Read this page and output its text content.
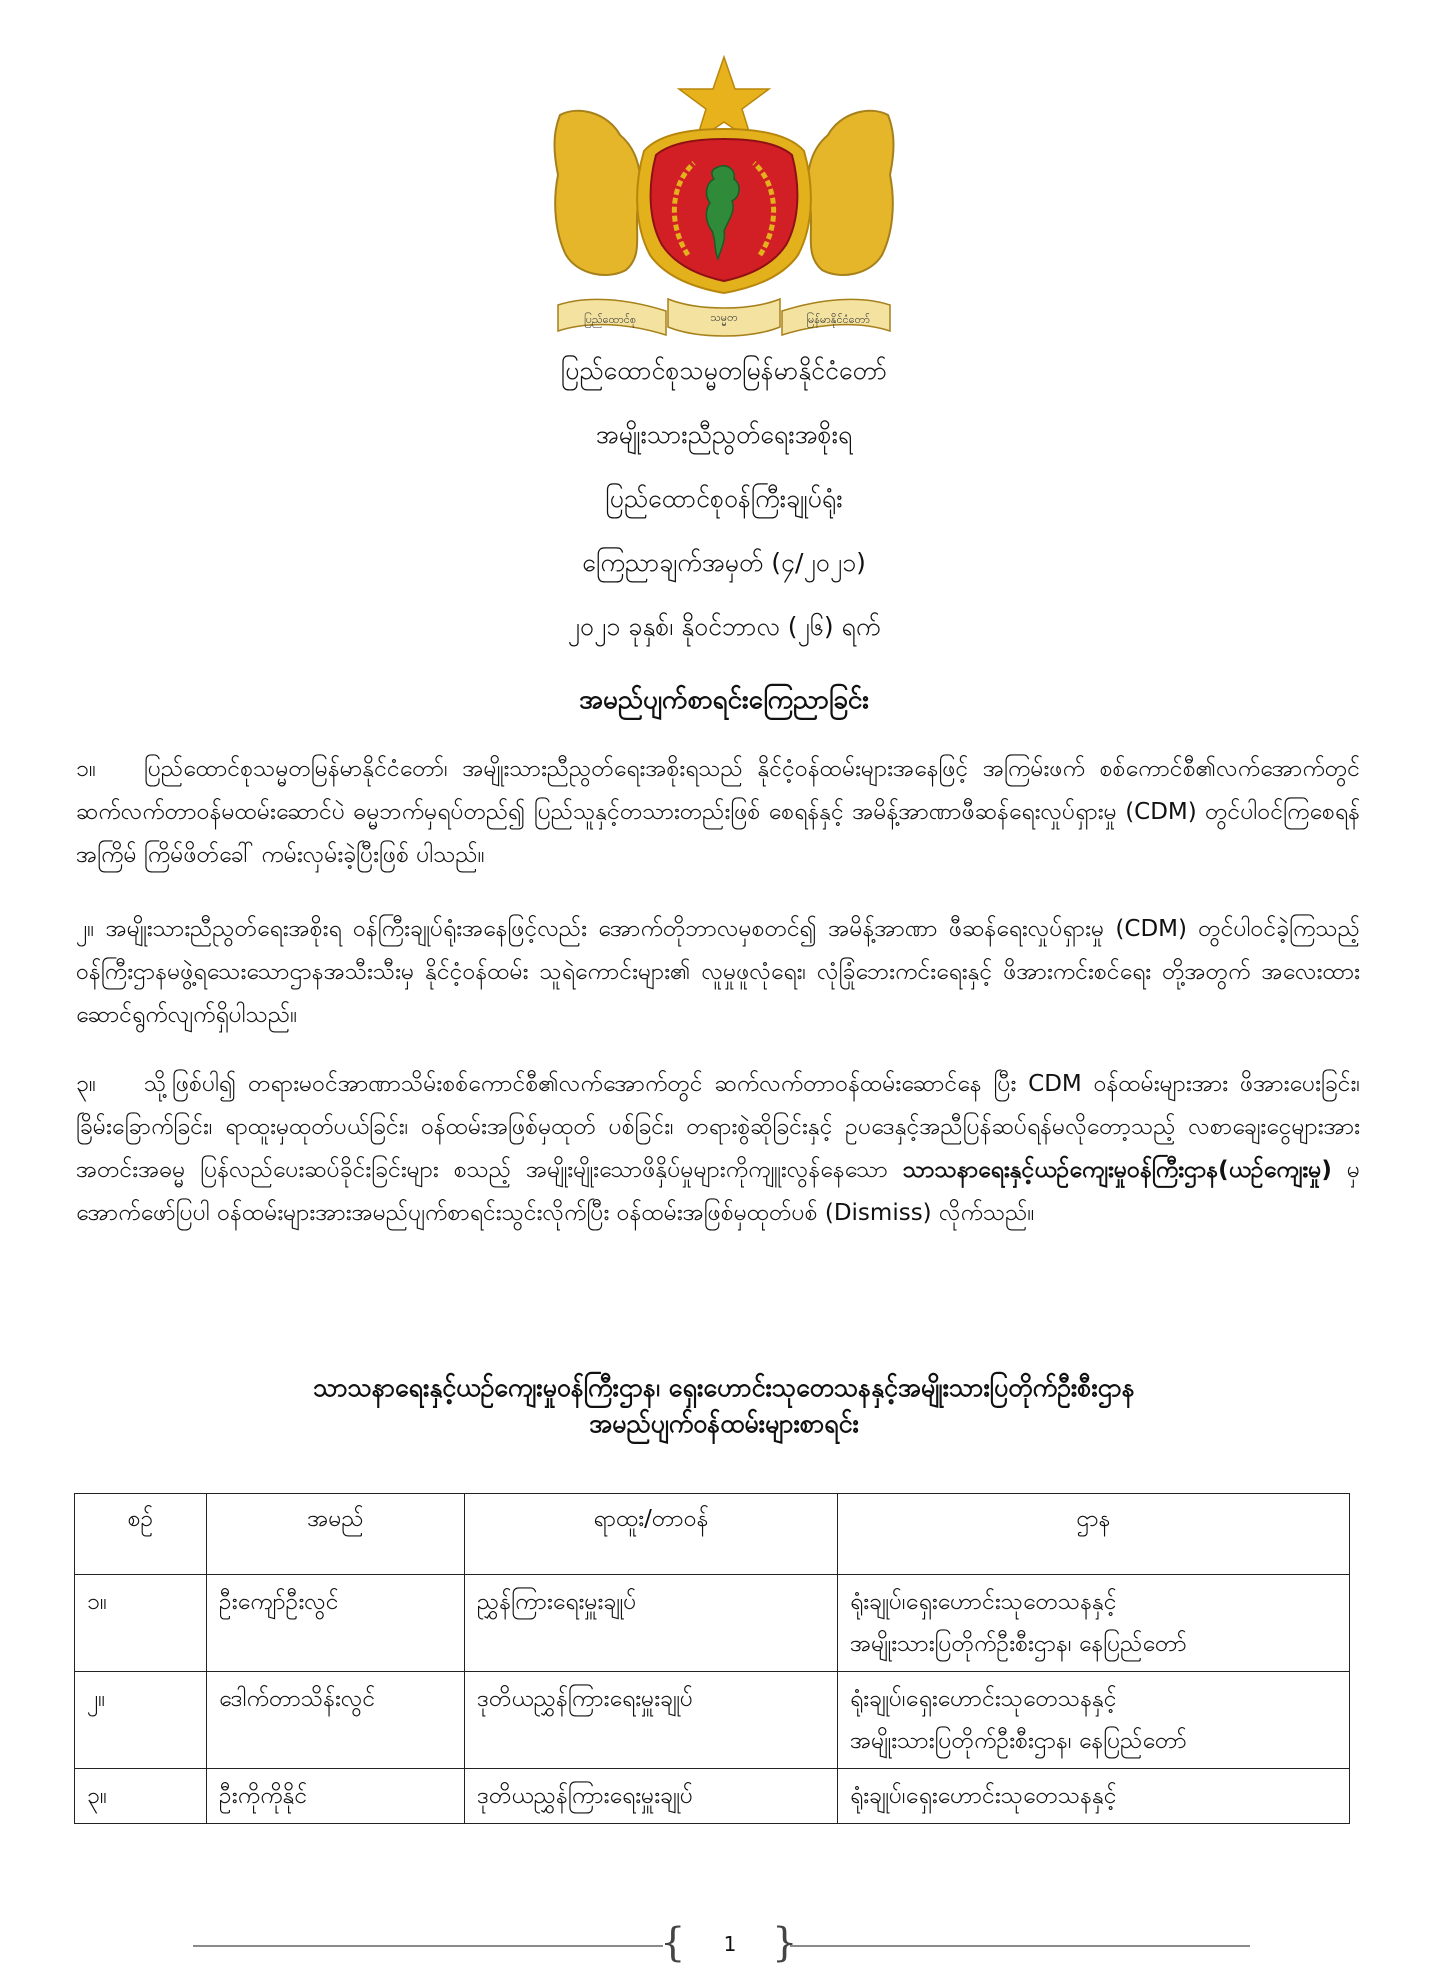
ပြည်ထောင်စု	သမ္မတ	မြန်မာနိုင်ငံတော်
ပြည်ထောင်စုသမ္မတမြန်မာနိုင်ငံတော်
အမျိုးသားညီညွတ်ရေးအစိုးရ
ပြည်ထောင်စုဝန်ကြီးချုပ်ရုံး
ကြေညာချက်အမှတ် (၄/၂၀၂၁)
၂၀၂၁ ခုနှစ်၊ နိုဝင်ဘာလ (၂၆) ရက်
အမည်ပျက်စာရင်းကြေညာခြင်း
၁။ ပြည်ထောင်စုသမ္မတမြန်မာနိုင်ငံတော်၊ အမျိုးသားညီညွတ်ရေးအစိုးရသည် နိုင်ငံ့ဝန်ထမ်းများအနေဖြင့် အကြမ်းဖက် စစ်ကောင်စီ၏လက်အောက်တွင် ဆက်လက်တာဝန်မထမ်းဆောင်ပဲ ဓမ္မဘက်မှရပ်တည်၍ ပြည်သူနှင့်တသားတည်းဖြစ် စေရန်နှင့် အမိန့်အာဏာဖီဆန်ရေးလှုပ်ရှားမှု (CDM) တွင်ပါဝင်ကြစေရန် အကြိမ် ကြိမ်ဖိတ်ခေါ် ကမ်းလှမ်းခဲ့ပြီးဖြစ် ပါသည်။
၂။ အမျိုးသားညီညွတ်ရေးအစိုးရ ဝန်ကြီးချုပ်ရုံးအနေဖြင့်လည်း အောက်တိုဘာလမှစတင်၍ အမိန့်အာဏာ ဖီဆန်ရေးလှုပ်ရှားမှု (CDM) တွင်ပါဝင်ခဲ့ကြသည့် ဝန်ကြီးဌာနမဖွဲ့ရသေးသောဌာနအသီးသီးမှ နိုင်ငံ့ဝန်ထမ်း သူရဲကောင်းများ၏ လူမှုဖူလုံရေး၊ လုံခြုံဘေးကင်းရေးနှင့် ဖိအားကင်းစင်ရေး တို့အတွက် အလေးထား ဆောင်ရွက်လျက်ရှိပါသည်။
၃။ သို့ဖြစ်ပါ၍ တရားမဝင်အာဏာသိမ်းစစ်ကောင်စီ၏လက်အောက်တွင် ဆက်လက်တာဝန်ထမ်းဆောင်နေ ပြီး CDM ဝန်ထမ်းများအား ဖိအားပေးခြင်း၊ ခြိမ်းခြောက်ခြင်း၊ ရာထူးမှထုတ်ပယ်ခြင်း၊ ဝန်ထမ်းအဖြစ်မှထုတ် ပစ်ခြင်း၊ တရားစွဲဆိုခြင်းနှင့် ဥပဒေနှင့်အညီပြန်ဆပ်ရန်မလိုတော့သည့် လစာချေးငွေများအား အတင်းအဓမ္မ ပြန်လည်ပေးဆပ်ခိုင်းခြင်းများ စသည့် အမျိုးမျိုးသောဖိနှိပ်မှုများကိုကျူးလွန်နေသော သာသနာရေးနှင့်ယဉ်ကျေးမှုဝန်ကြီးဌာန(ယဉ်ကျေးမှု) မှအောက်ဖော်ပြပါ ဝန်ထမ်းများအားအမည်ပျက်စာရင်းသွင်းလိုက်ပြီး ဝန်ထမ်းအဖြစ်မှထုတ်ပစ် (Dismiss) လိုက်သည်။
သာသနာရေးနှင့်ယဉ်ကျေးမှုဝန်ကြီးဌာန၊ ရှေးဟောင်းသုတေသနနှင့်အမျိုးသားပြတိုက်ဦးစီးဌာန
အမည်ပျက်ဝန်ထမ်းများစာရင်း
စဉ်	အမည်	ရာထူး/တာဝန်	ဌာန
၁။	ဦးကျော်ဦးလွင်	ညွှန်ကြားရေးမှူးချုပ်	ရုံးချုပ်၊ရှေးဟောင်းသုတေသနနှင့်
အမျိုးသားပြတိုက်ဦးစီးဌာန၊ နေပြည်တော်

၂။	ဒေါက်တာသိန်းလွင်	ဒုတိယညွှန်ကြားရေးမှူးချုပ်	ရုံးချုပ်၊ရှေးဟောင်းသုတေသနနှင့်
အမျိုးသားပြတိုက်ဦးစီးဌာန၊ နေပြည်တော်

၃။	ဦးကိုကိုနိုင်	ဒုတိယညွှန်ကြားရေးမှူးချုပ်	ရုံးချုပ်၊ရှေးဟောင်းသုတေသနနှင့်
{	1 }
